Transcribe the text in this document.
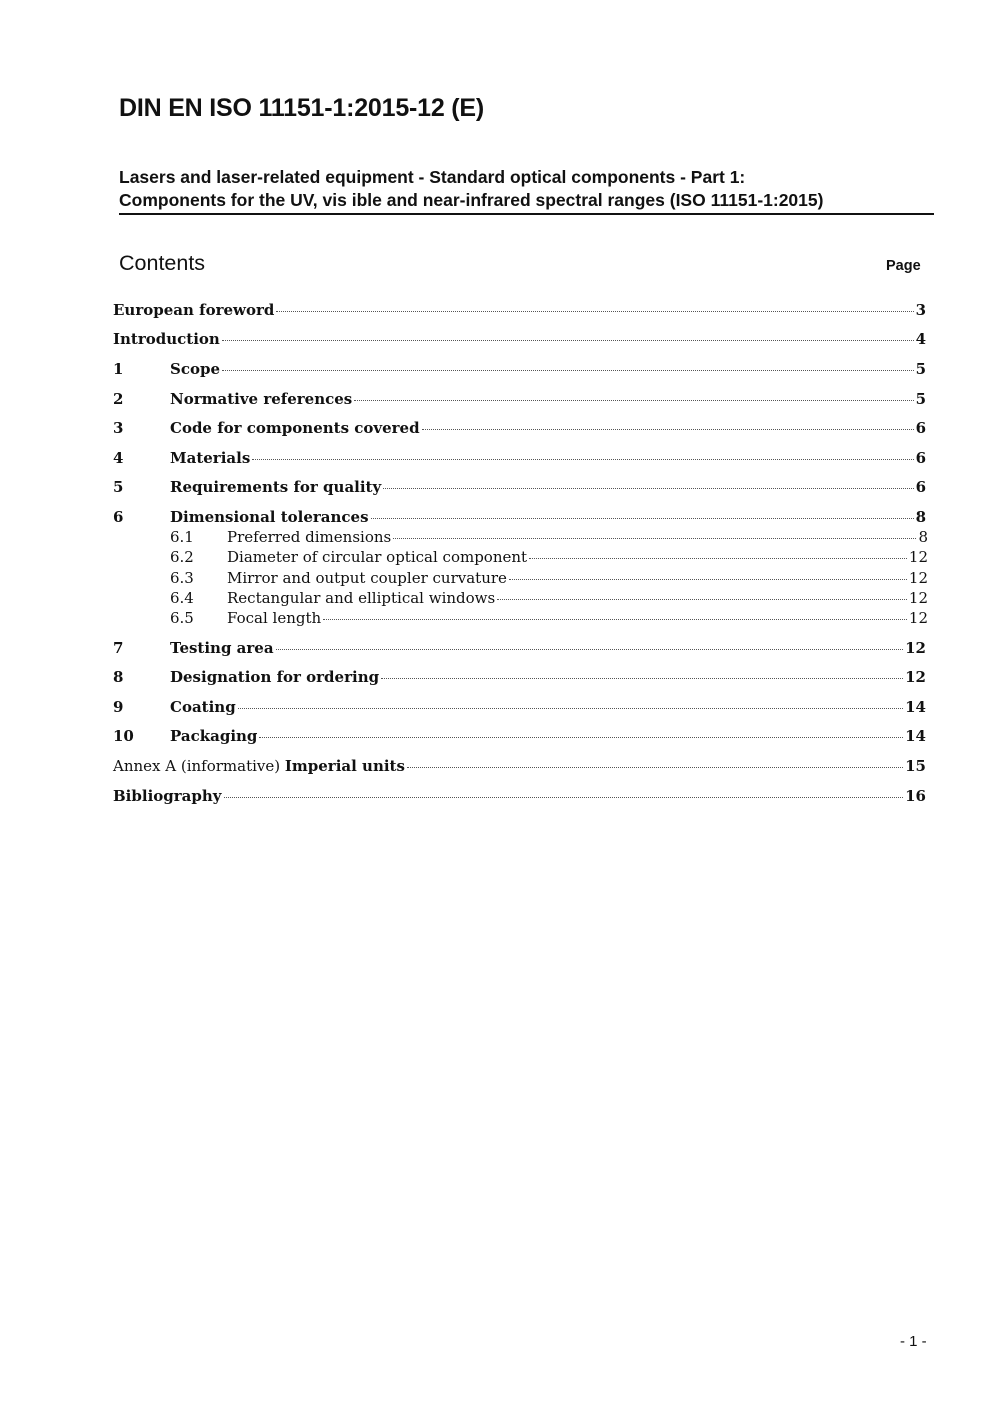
DIN EN ISO 11151-1:2015-12 (E)
Lasers and laser-related equipment - Standard optical components - Part 1:
Components for the UV, vis ible and near-infrared spectral ranges (ISO 11151-1:2015)
Contents	Page
European foreword	3
Introduction	4
1	Scope	5
2	Normative references	5
3	Code for components covered	6
4	Materials	6
5	Requirements for quality	6
6	Dimensional tolerances	8
6.1	Preferred dimensions	8
6.2	Diameter of circular optical component	12
6.3	Mirror and output coupler curvature	12
6.4	Rectangular and elliptical windows	12
6.5	Focal length	12
7	Testing area	12
8	Designation for ordering	12
9	Coating	14
10	Packaging	14
Annex A (informative) Imperial units	15
Bibliography	16
- 1 -
